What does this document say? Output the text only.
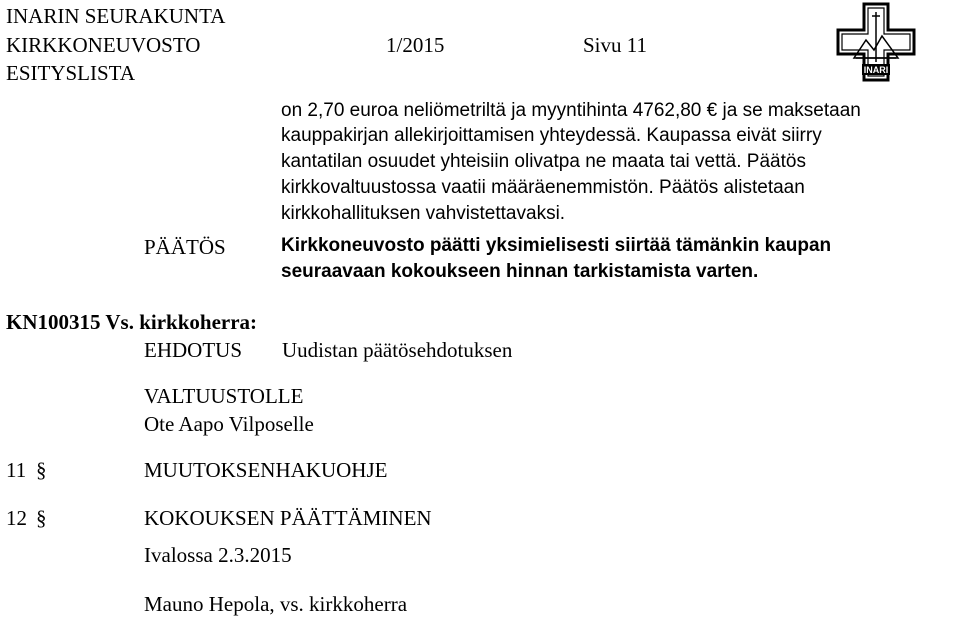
INARIN SEURAKUNTA
KIRKKONEUVOSTO	1/2015	Sivu 11
ESITYSLISTA	INARI
on 2,70 euroa neliömetriltä ja myyntihinta 4762,80 € ja se maksetaan
kauppakirjan allekirjoittamisen yhteydessä. Kaupassa eivät siirry
kantatilan osuudet yhteisiin olivatpa ne maata tai vettä. Päätös
kirkkovaltuustossa vaatii määräenemmistön. Päätös alistetaan
kirkkohallituksen vahvistettavaksi.
PÄÄTÖS	Kirkkoneuvosto päätti yksimielisesti siirtää tämänkin kaupan
seuraavaan kokoukseen hinnan tarkistamista varten.
KN100315 Vs. kirkkoherra:
EHDOTUS Uudistan päätösehdotuksen
VALTUUSTOLLE
Ote Aapo Vilposelle
11 §	MUUTOKSENHAKUOHJE
12 §	KOKOUKSEN PÄÄTTÄMINEN
Ivalossa 2.3.2015
Mauno Hepola, vs. kirkkoherra
